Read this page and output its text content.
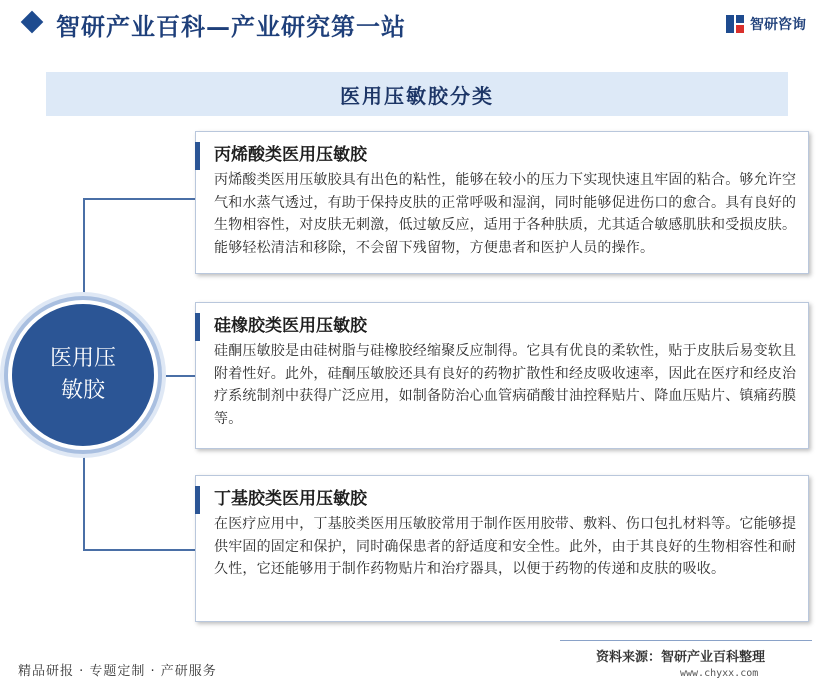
智研产业百科—产业研究第一站	智研咨询
医用压敏胶分类
医用压敏胶
丙烯酸类医用压敏胶

丙烯酸类医用压敏胶具有出色的粘性，能够在较小的压力下实现快速且牢固的粘合。够允许空气和水蒸气透过，有助于保持皮肤的正常呼吸和湿润，同时能够促进伤口的愈合。具有良好的生物相容性，对皮肤无刺激，低过敏反应，适用于各种肤质，尤其适合敏感肌肤和受损皮肤。能够轻松清洁和移除，不会留下残留物，方便患者和医护人员的操作。

硅橡胶类医用压敏胶

硅酮压敏胶是由硅树脂与硅橡胶经缩聚反应制得。它具有优良的柔软性，贴于皮肤后易变软且附着性好。此外，硅酮压敏胶还具有良好的药物扩散性和经皮吸收速率，因此在医疗和经皮治疗系统制剂中获得广泛应用，如制备防治心血管病硝酸甘油控释贴片、降血压贴片、镇痛药膜等。

丁基胶类医用压敏胶

在医疗应用中，丁基胶类医用压敏胶常用于制作医用胶带、敷料、伤口包扎材料等。它能够提供牢固的固定和保护，同时确保患者的舒适度和安全性。此外，由于其良好的生物相容性和耐久性，它还能够用于制作药物贴片和治疗器具，以便于药物的传递和皮肤的吸收。

精品研报 · 专题定制 · 产研服务
资料来源：智研产业百科整理
www.chyxx.com
